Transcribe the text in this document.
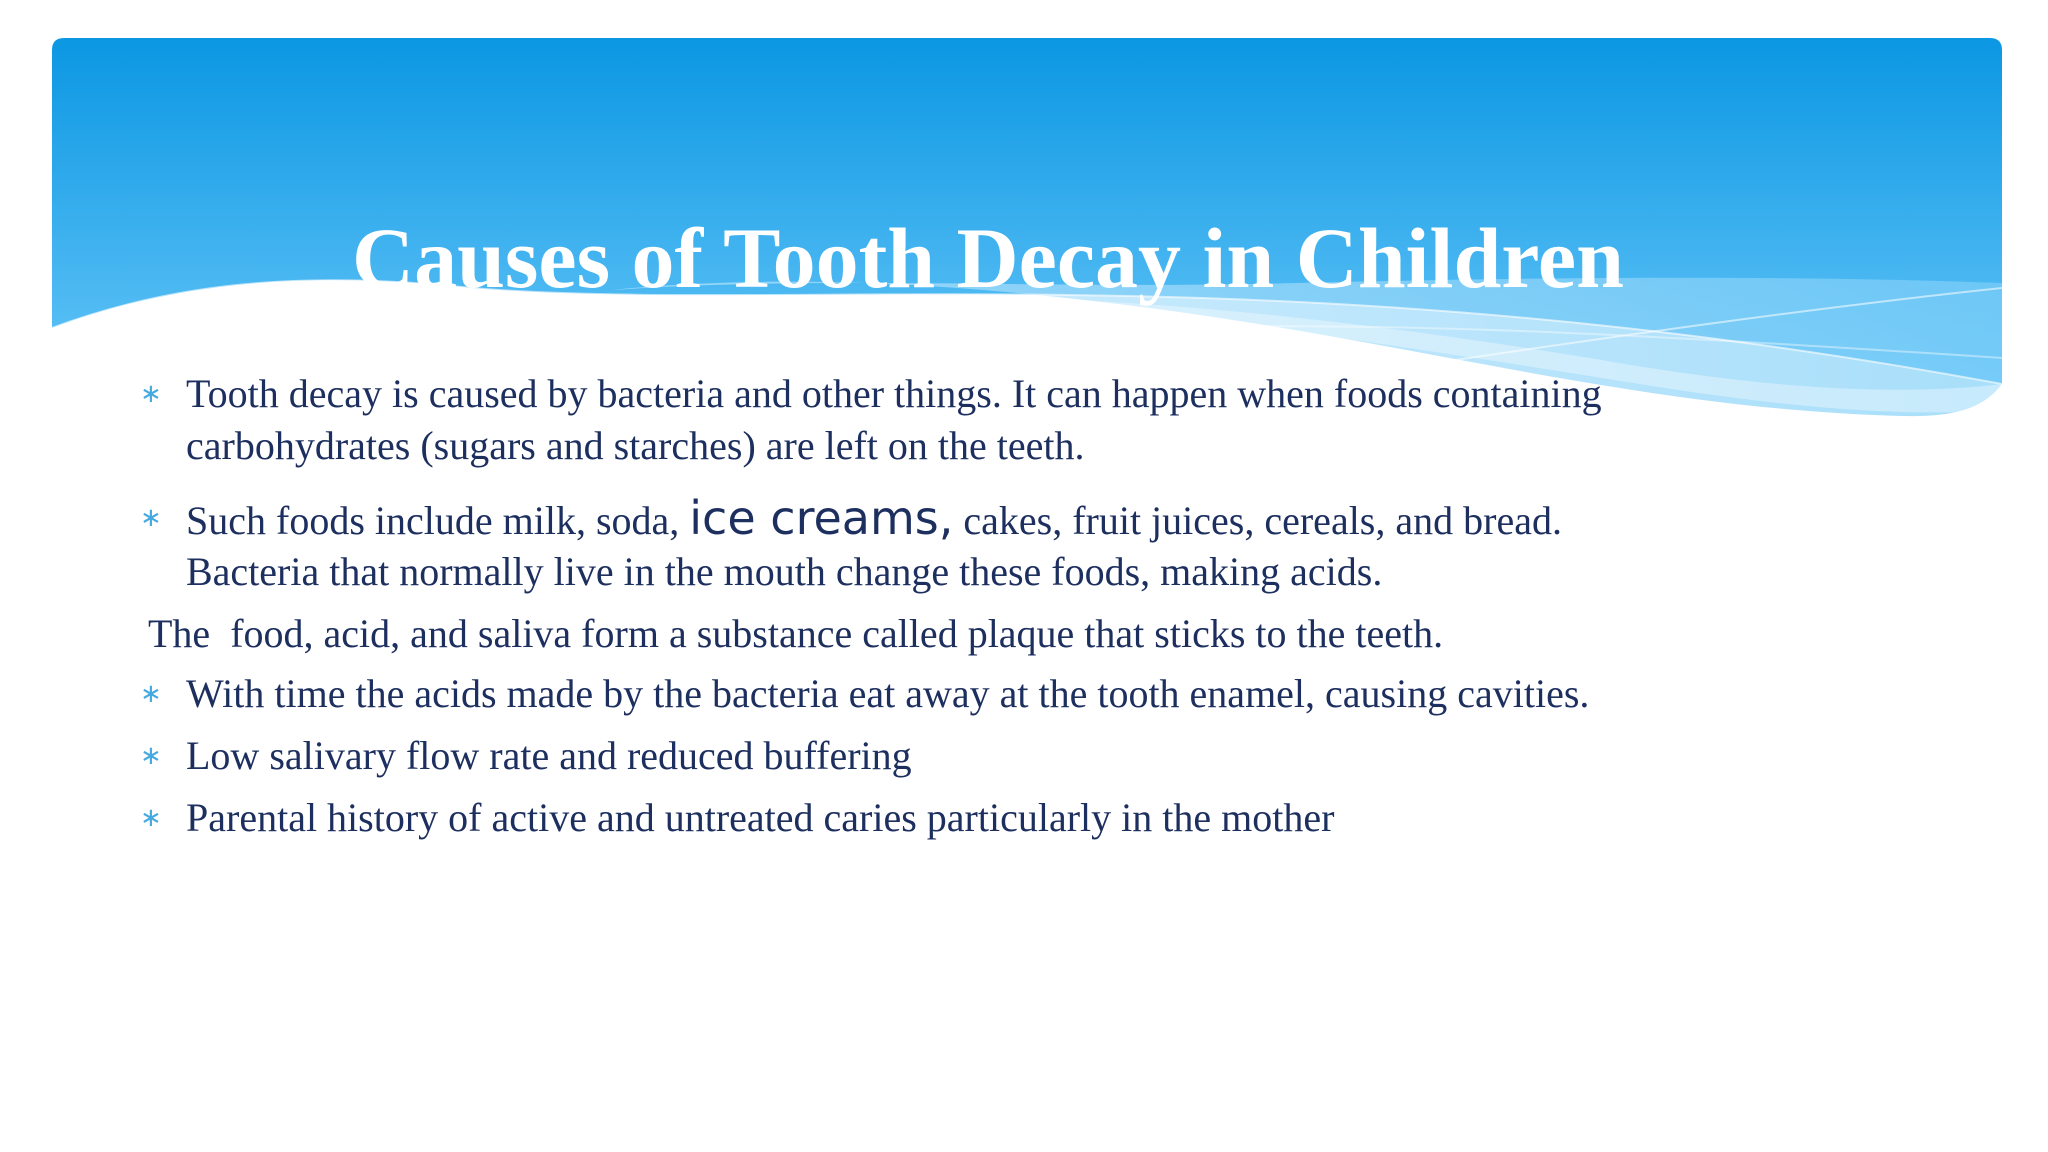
Causes of Tooth Decay in Children
∗ Tooth decay is caused by bacteria and other things. It can happen when foods containing
carbohydrates (sugars and starches) are left on the teeth.
∗ Such foods include milk, soda, ice creams, cakes, fruit juices, cereals, and bread.
Bacteria that normally live in the mouth change these foods, making acids.
The  food, acid, and saliva form a substance called plaque that sticks to the teeth.
∗ With time the acids made by the bacteria eat away at the tooth enamel, causing cavities.
∗ Low salivary flow rate and reduced buffering
∗ Parental history of active and untreated caries particularly in the mother
